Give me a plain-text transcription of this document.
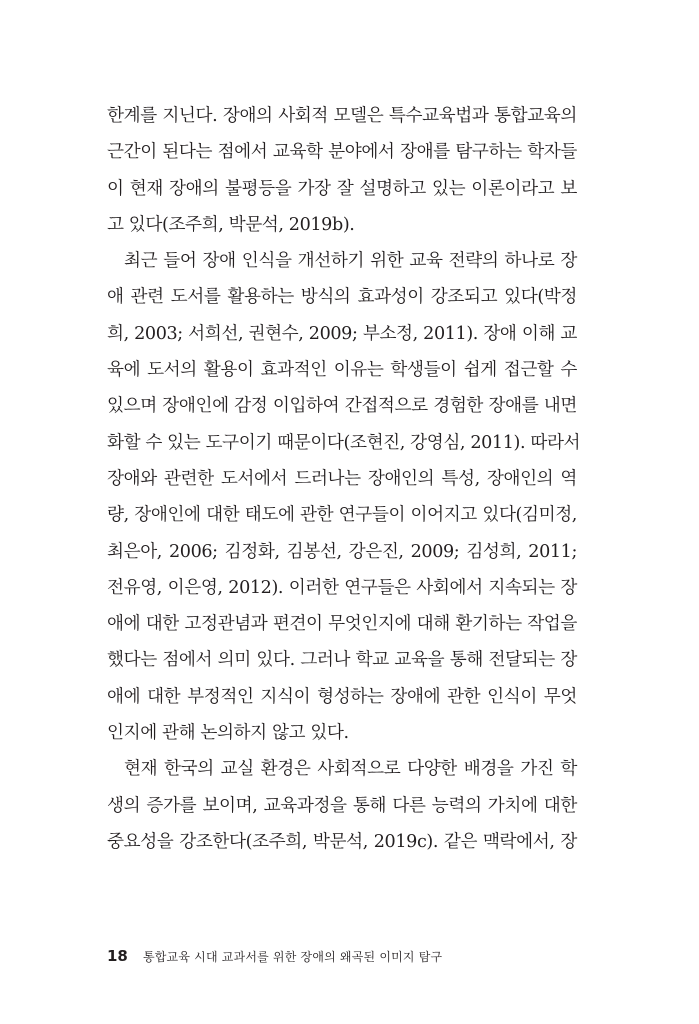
한계를 지닌다. 장애의 사회적 모델은 특수교육법과 통합교육의
근간이 된다는 점에서 교육학 분야에서 장애를 탐구하는 학자들
이 현재 장애의 불평등을 가장 잘 설명하고 있는 이론이라고 보
고 있다(조주희, 박문석, 2019b).
최근 들어 장애 인식을 개선하기 위한 교육 전략의 하나로 장
애 관련 도서를 활용하는 방식의 효과성이 강조되고 있다(박정
희, 2003; 서희선, 권현수, 2009; 부소정, 2011). 장애 이해 교
육에 도서의 활용이 효과적인 이유는 학생들이 쉽게 접근할 수
있으며 장애인에 감정 이입하여 간접적으로 경험한 장애를 내면
화할 수 있는 도구이기 때문이다(조현진, 강영심, 2011). 따라서
장애와 관련한 도서에서 드러나는 장애인의 특성, 장애인의 역
량, 장애인에 대한 태도에 관한 연구들이 이어지고 있다(김미정,
최은아, 2006; 김정화, 김봉선, 강은진, 2009; 김성희, 2011;
전유영, 이은영, 2012). 이러한 연구들은 사회에서 지속되는 장
애에 대한 고정관념과 편견이 무엇인지에 대해 환기하는 작업을
했다는 점에서 의미 있다. 그러나 학교 교육을 통해 전달되는 장
애에 대한 부정적인 지식이 형성하는 장애에 관한 인식이 무엇
인지에 관해 논의하지 않고 있다.
현재 한국의 교실 환경은 사회적으로 다양한 배경을 가진 학
생의 증가를 보이며, 교육과정을 통해 다른 능력의 가치에 대한
중요성을 강조한다(조주희, 박문석, 2019c). 같은 맥락에서, 장
18 통합교육 시대 교과서를 위한 장애의 왜곡된 이미지 탐구
